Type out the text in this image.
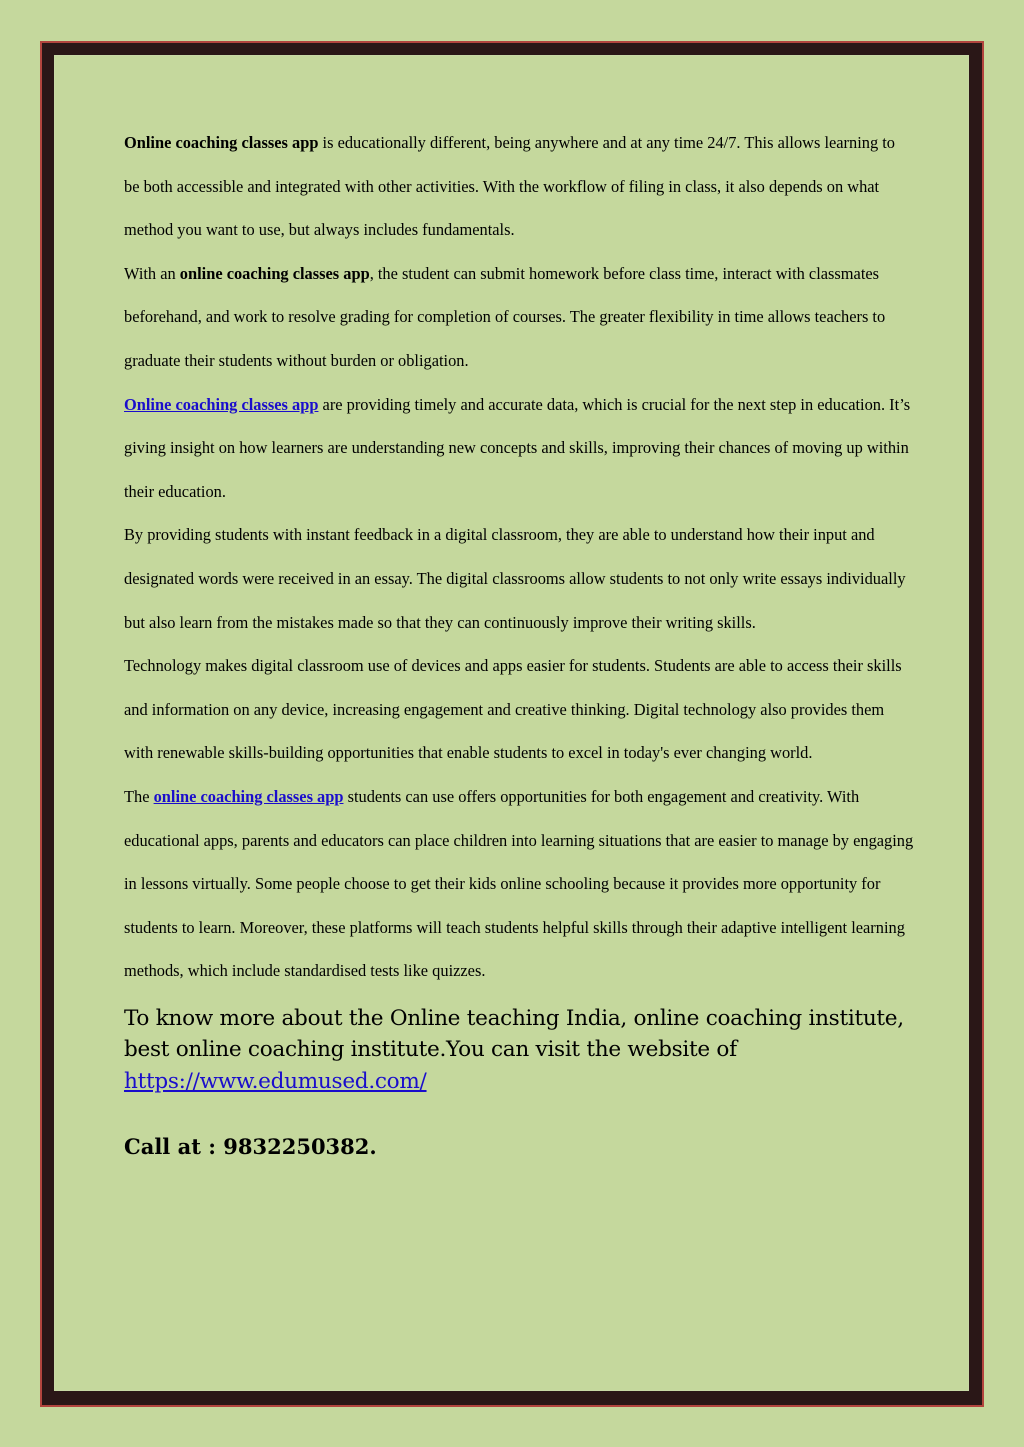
Online coaching classes app is educationally different, being anywhere and at any time 24/7. This allows learning to be both accessible and integrated with other activities. With the workflow of filing in class, it also depends on what method you want to use, but always includes fundamentals.

With an online coaching classes app, the student can submit homework before class time, interact with classmates beforehand, and work to resolve grading for completion of courses. The greater flexibility in time allows teachers to graduate their students without burden or obligation.

Online coaching classes app are providing timely and accurate data, which is crucial for the next step in education. It’s giving insight on how learners are understanding new concepts and skills, improving their chances of moving up within their education.

By providing students with instant feedback in a digital classroom, they are able to understand how their input and designated words were received in an essay. The digital classrooms allow students to not only write essays individually but also learn from the mistakes made so that they can continuously improve their writing skills.

Technology makes digital classroom use of devices and apps easier for students. Students are able to access their skills and information on any device, increasing engagement and creative thinking. Digital technology also provides them with renewable skills-building opportunities that enable students to excel in today's ever changing world.

The online coaching classes app students can use offers opportunities for both engagement and creativity. With educational apps, parents and educators can place children into learning situations that are easier to manage by engaging in lessons virtually. Some people choose to get their kids online schooling because it provides more opportunity for students to learn. Moreover, these platforms will teach students helpful skills through their adaptive intelligent learning methods, which include standardised tests like quizzes.

To know more about the Online teaching India, online coaching institute, best online coaching institute.You can visit the website of https://www.edumused.com/

Call at : 9832250382.
